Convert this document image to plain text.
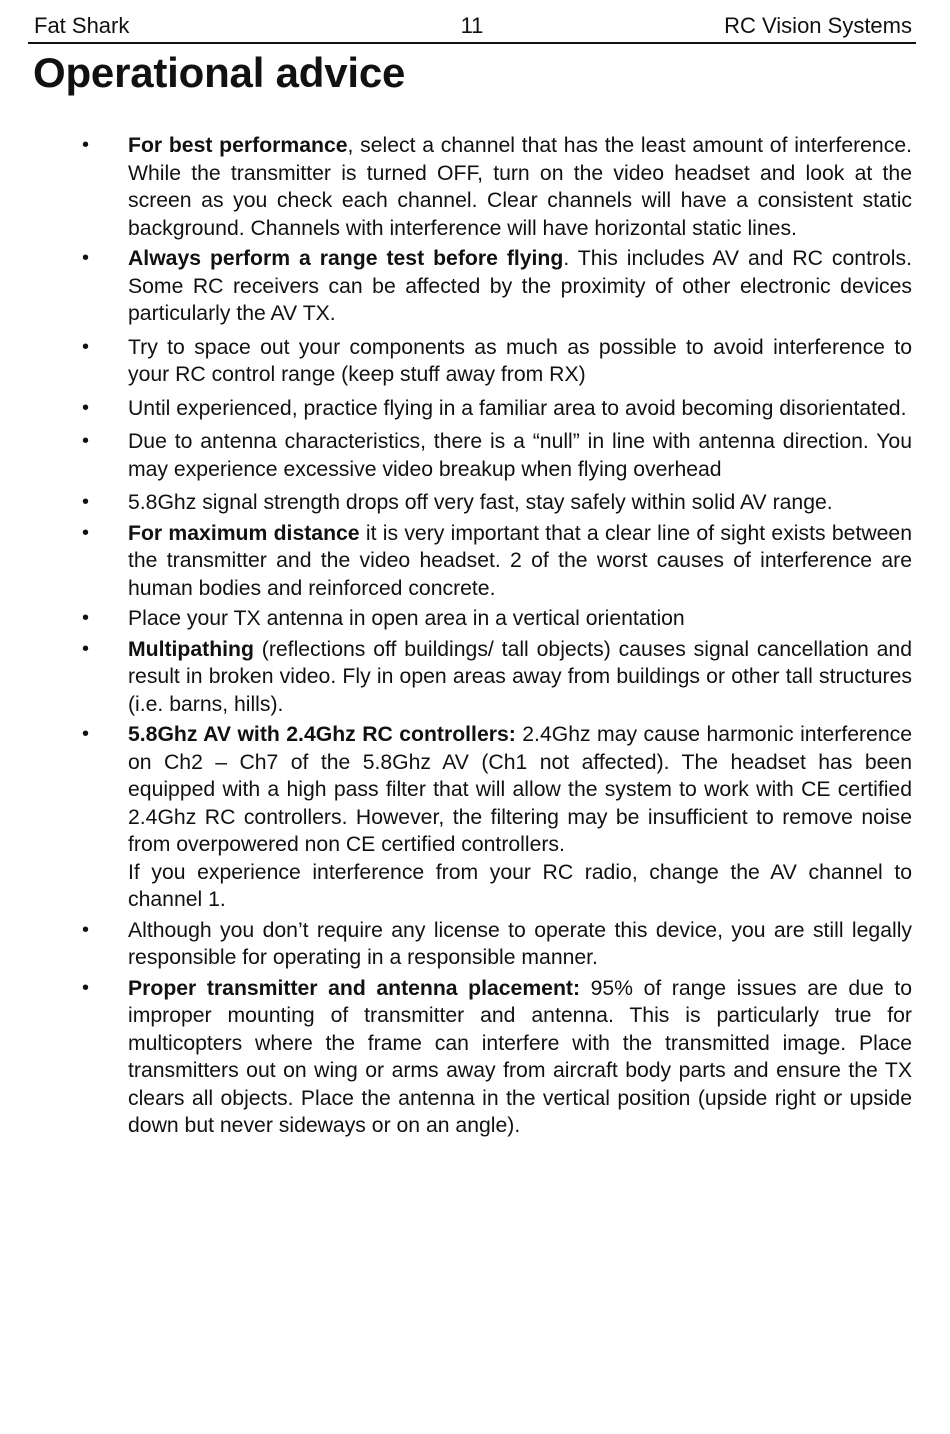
Fat Shark	11	RC Vision Systems
Operational advice
• For best performance, select a channel that has the least amount of interference. While the transmitter is turned OFF, turn on the video headset and look at the screen as you check each channel. Clear channels will have a consistent static background. Channels with interference will have horizontal static lines.
• Always perform a range test before flying. This includes AV and RC controls. Some RC receivers can be affected by the proximity of other electronic devices particularly the AV TX.
• Try to space out your components as much as possible to avoid interference to your RC control range (keep stuff away from RX)
• Until experienced, practice flying in a familiar area to avoid becoming disorientated.
• Due to antenna characteristics, there is a “null” in line with antenna direction. You may experience excessive video breakup when flying overhead
• 5.8Ghz signal strength drops off very fast, stay safely within solid AV range.
• For maximum distance it is very important that a clear line of sight exists between the transmitter and the video headset. 2 of the worst causes of interference are human bodies and reinforced concrete.
• Place your TX antenna in open area in a vertical orientation
• Multipathing (reflections off buildings/ tall objects) causes signal cancellation and result in broken video. Fly in open areas away from buildings or other tall structures (i.e. barns, hills).
• 5.8Ghz AV with 2.4Ghz RC controllers: 2.4Ghz may cause harmonic interference on Ch2 – Ch7 of the 5.8Ghz AV (Ch1 not affected). The headset has been equipped with a high pass filter that will allow the system to work with CE certified 2.4Ghz RC controllers. However, the filtering may be insufficient to remove noise from overpowered non CE certified controllers.
If you experience interference from your RC radio, change the AV channel to channel 1.
• Although you don’t require any license to operate this device, you are still legally responsible for operating in a responsible manner.
• Proper transmitter and antenna placement: 95% of range issues are due to improper mounting of transmitter and antenna. This is particularly true for multicopters where the frame can interfere with the transmitted image. Place transmitters out on wing or arms away from aircraft body parts and ensure the TX clears all objects. Place the antenna in the vertical position (upside right or upside down but never sideways or on an angle).
